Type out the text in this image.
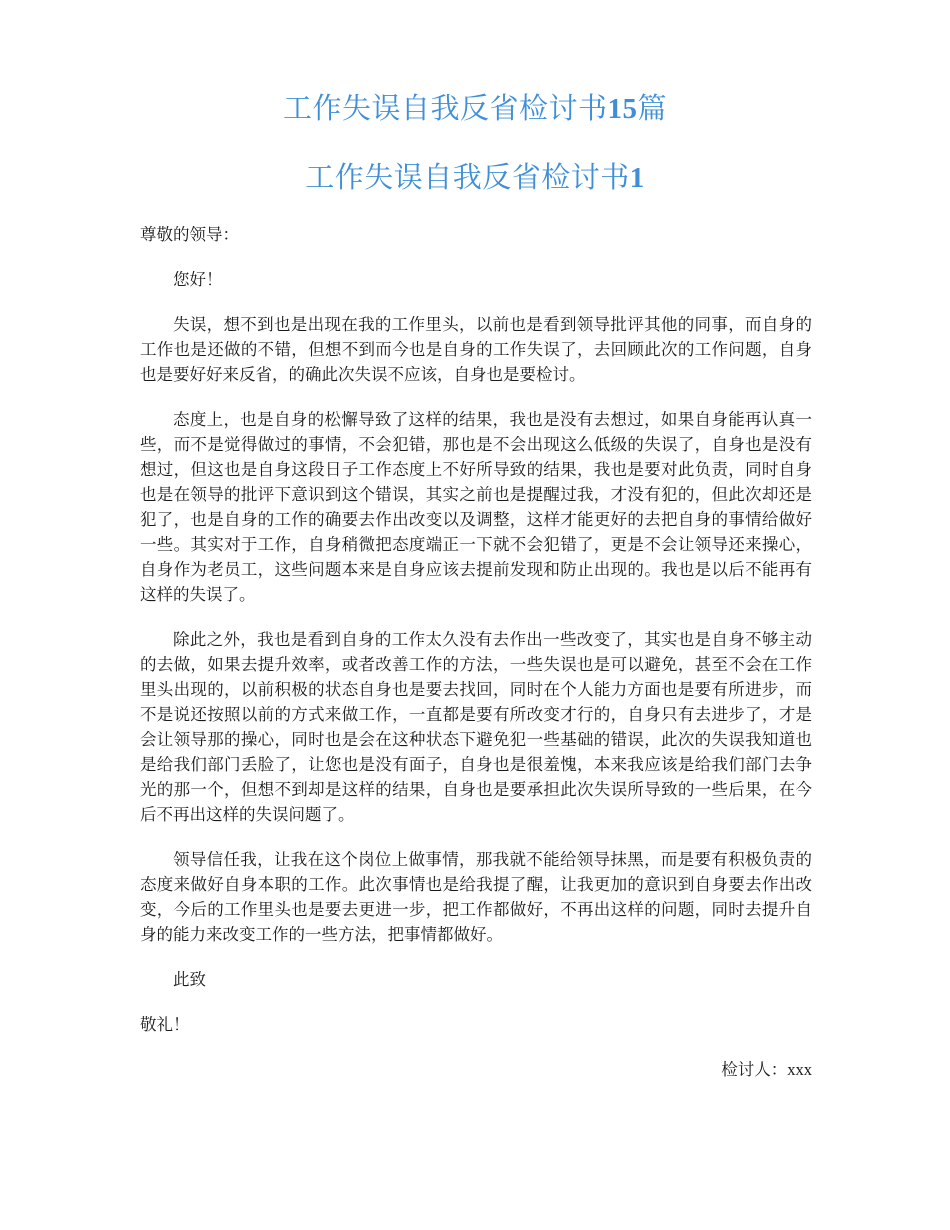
工作失误自我反省检讨书15篇
工作失误自我反省检讨书1

尊敬的领导：

您好！

失误，想不到也是出现在我的工作里头，以前也是看到领导批评其他的同事，而自身的工作也是还做的不错，但想不到而今也是自身的工作失误了，去回顾此次的工作问题，自身也是要好好来反省，的确此次失误不应该，自身也是要检讨。

态度上，也是自身的松懈导致了这样的结果，我也是没有去想过，如果自身能再认真一些，而不是觉得做过的事情，不会犯错，那也是不会出现这么低级的失误了，自身也是没有想过，但这也是自身这段日子工作态度上不好所导致的结果，我也是要对此负责，同时自身也是在领导的批评下意识到这个错误，其实之前也是提醒过我，才没有犯的，但此次却还是犯了，也是自身的工作的确要去作出改变以及调整，这样才能更好的去把自身的事情给做好一些。其实对于工作，自身稍微把态度端正一下就不会犯错了，更是不会让领导还来操心，自身作为老员工，这些问题本来是自身应该去提前发现和防止出现的。我也是以后不能再有这样的失误了。

除此之外，我也是看到自身的工作太久没有去作出一些改变了，其实也是自身不够主动的去做，如果去提升效率，或者改善工作的方法，一些失误也是可以避免，甚至不会在工作里头出现的，以前积极的状态自身也是要去找回，同时在个人能力方面也是要有所进步，而不是说还按照以前的方式来做工作，一直都是要有所改变才行的，自身只有去进步了，才是会让领导那的操心，同时也是会在这种状态下避免犯一些基础的错误，此次的失误我知道也是给我们部门丢脸了，让您也是没有面子，自身也是很羞愧，本来我应该是给我们部门去争光的那一个，但想不到却是这样的结果，自身也是要承担此次失误所导致的一些后果，在今后不再出这样的失误问题了。

领导信任我，让我在这个岗位上做事情，那我就不能给领导抹黑，而是要有积极负责的态度来做好自身本职的工作。此次事情也是给我提了醒，让我更加的意识到自身要去作出改变，今后的工作里头也是要去更进一步，把工作都做好，不再出这样的问题，同时去提升自身的能力来改变工作的一些方法，把事情都做好。

此致

敬礼！

检讨人：xxx
